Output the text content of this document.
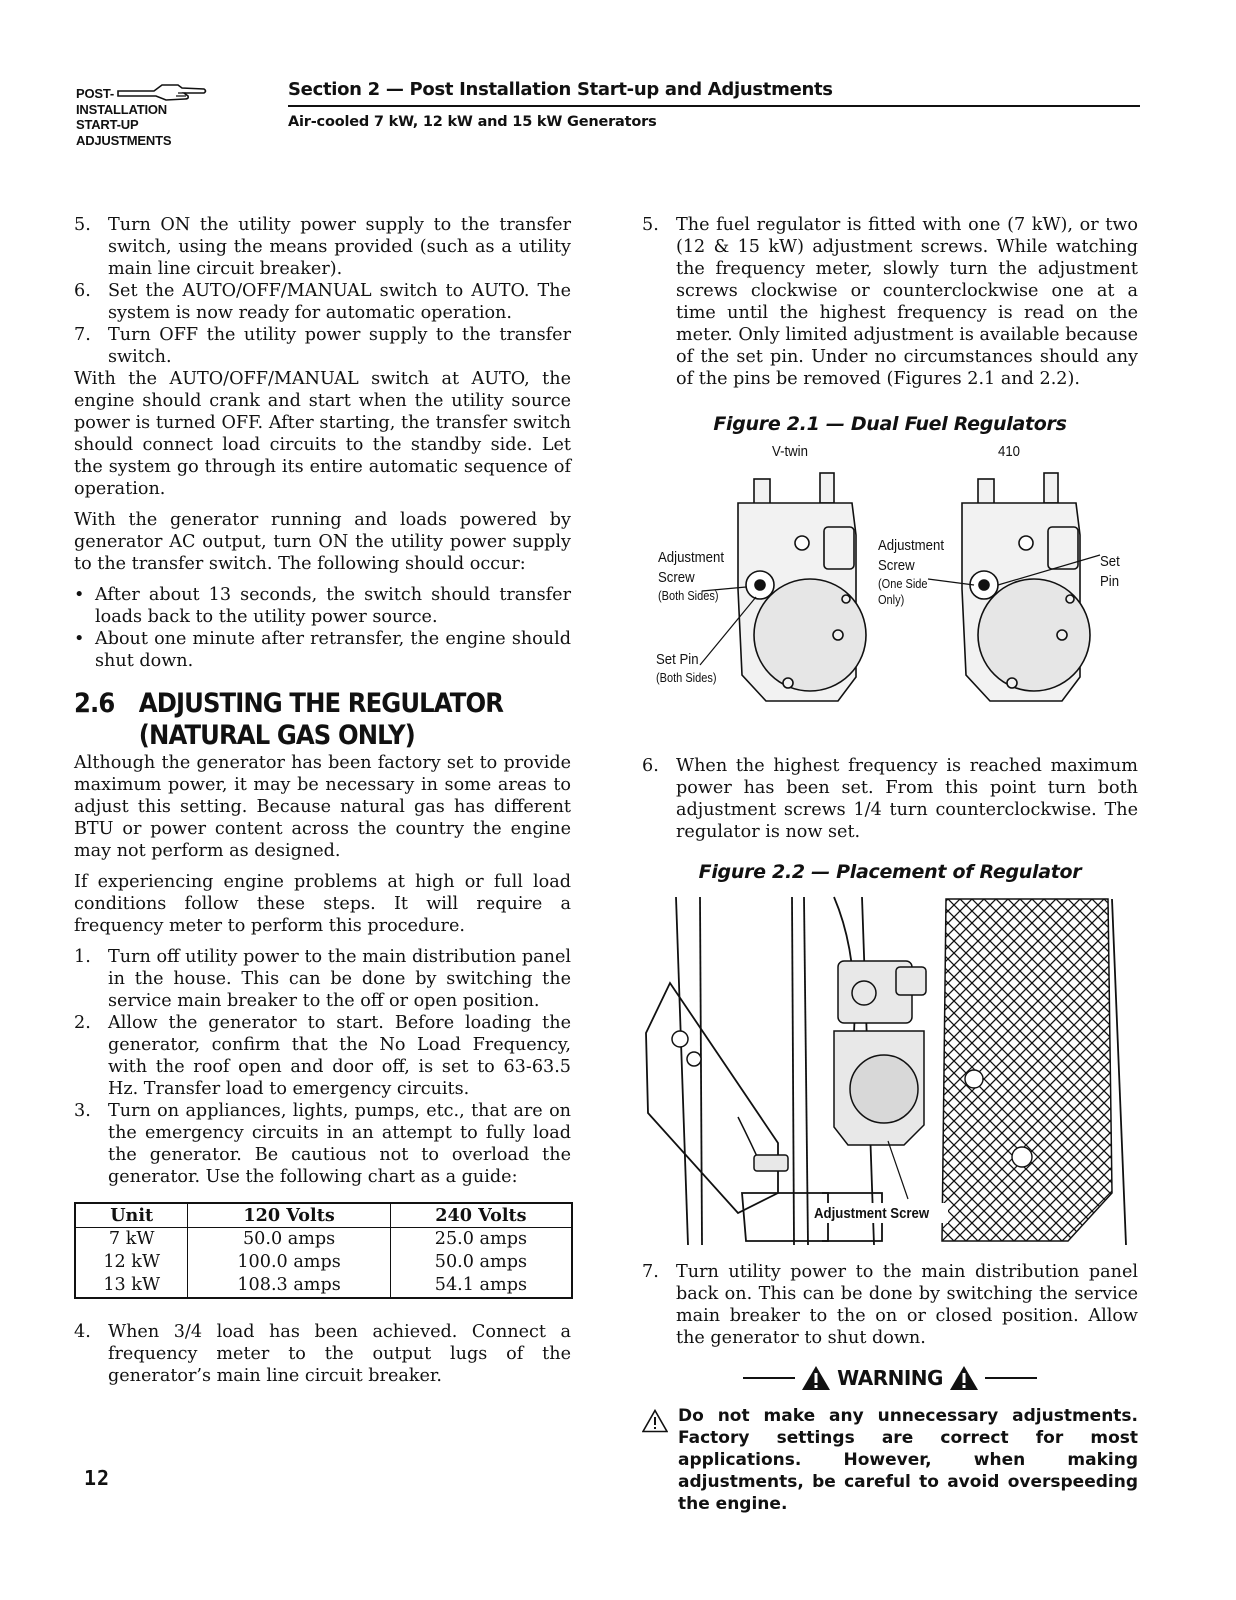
POST-
INSTALLATION
START-UP
ADJUSTMENTS
Section 2 — Post Installation Start-up and Adjustments
Air-cooled 7 kW, 12 kW and 15 kW Generators
5. Turn ON the utility power supply to the transfer switch, using the means provided (such as a utility main line circuit breaker).
6. Set the AUTO/OFF/MANUAL switch to AUTO. The system is now ready for automatic operation.
7. Turn OFF the utility power supply to the transfer switch.

With the AUTO/OFF/MANUAL switch at AUTO, the engine should crank and start when the utility source power is turned OFF. After starting, the transfer switch should connect load circuits to the standby side. Let the system go through its entire automatic sequence of operation.

With the generator running and loads powered by generator AC output, turn ON the utility power supply to the transfer switch. The following should occur:

• After about 13 seconds, the switch should transfer loads back to the utility power source.
• About one minute after retransfer, the engine should shut down.
2.6 ADJUSTING THE REGULATOR
(NATURAL GAS ONLY)

Although the generator has been factory set to provide maximum power, it may be necessary in some areas to adjust this setting. Because natural gas has different BTU or power content across the country the engine may not perform as designed.

If experiencing engine problems at high or full load conditions follow these steps. It will require a frequency meter to perform this procedure.

1. Turn off utility power to the main distribution panel in the house. This can be done by switching the service main breaker to the off or open position.
2. Allow the generator to start. Before loading the generator, confirm that the No Load Frequency, with the roof open and door off, is set to 63-63.5 Hz. Transfer load to emergency circuits.
3. Turn on appliances, lights, pumps, etc., that are on the emergency circuits in an attempt to fully load the generator. Be cautious not to overload the generator. Use the following chart as a guide:
Unit	120 Volts	240 Volts
7 kW	50.0 amps	25.0 amps
12 kW	100.0 amps	50.0 amps
13 kW	108.3 amps	54.1 amps
4. When 3/4 load has been achieved. Connect a frequency meter to the output lugs of the generator’s main line circuit breaker.
5. The fuel regulator is fitted with one (7 kW), or two (12 & 15 kW) adjustment screws. While watching the frequency meter, slowly turn the adjustment screws clockwise or counterclockwise one at a time until the highest frequency is read on the meter. Only limited adjustment is available because of the set pin. Under no circumstances should any of the pins be removed (Figures 2.1 and 2.2).
Figure 2.1 — Dual Fuel Regulators
V-twin	410
Adjustment
Screw
(Both Sides)
Set Pin
(Both Sides)
Adjustment
Screw
(One Side
Only)
Set
Pin
6. When the highest frequency is reached maximum power has been set. From this point turn both adjustment screws 1/4 turn counterclockwise. The regulator is now set.
Figure 2.2 — Placement of Regulator
Adjustment Screw
7. Turn utility power to the main distribution panel back on. This can be done by switching the service main breaker to the on or closed position. Allow the generator to shut down.
WARNING
Do not make any unnecessary adjustments. Factory settings are correct for most applications. However, when making adjustments, be careful to avoid overspeeding the engine.
12
